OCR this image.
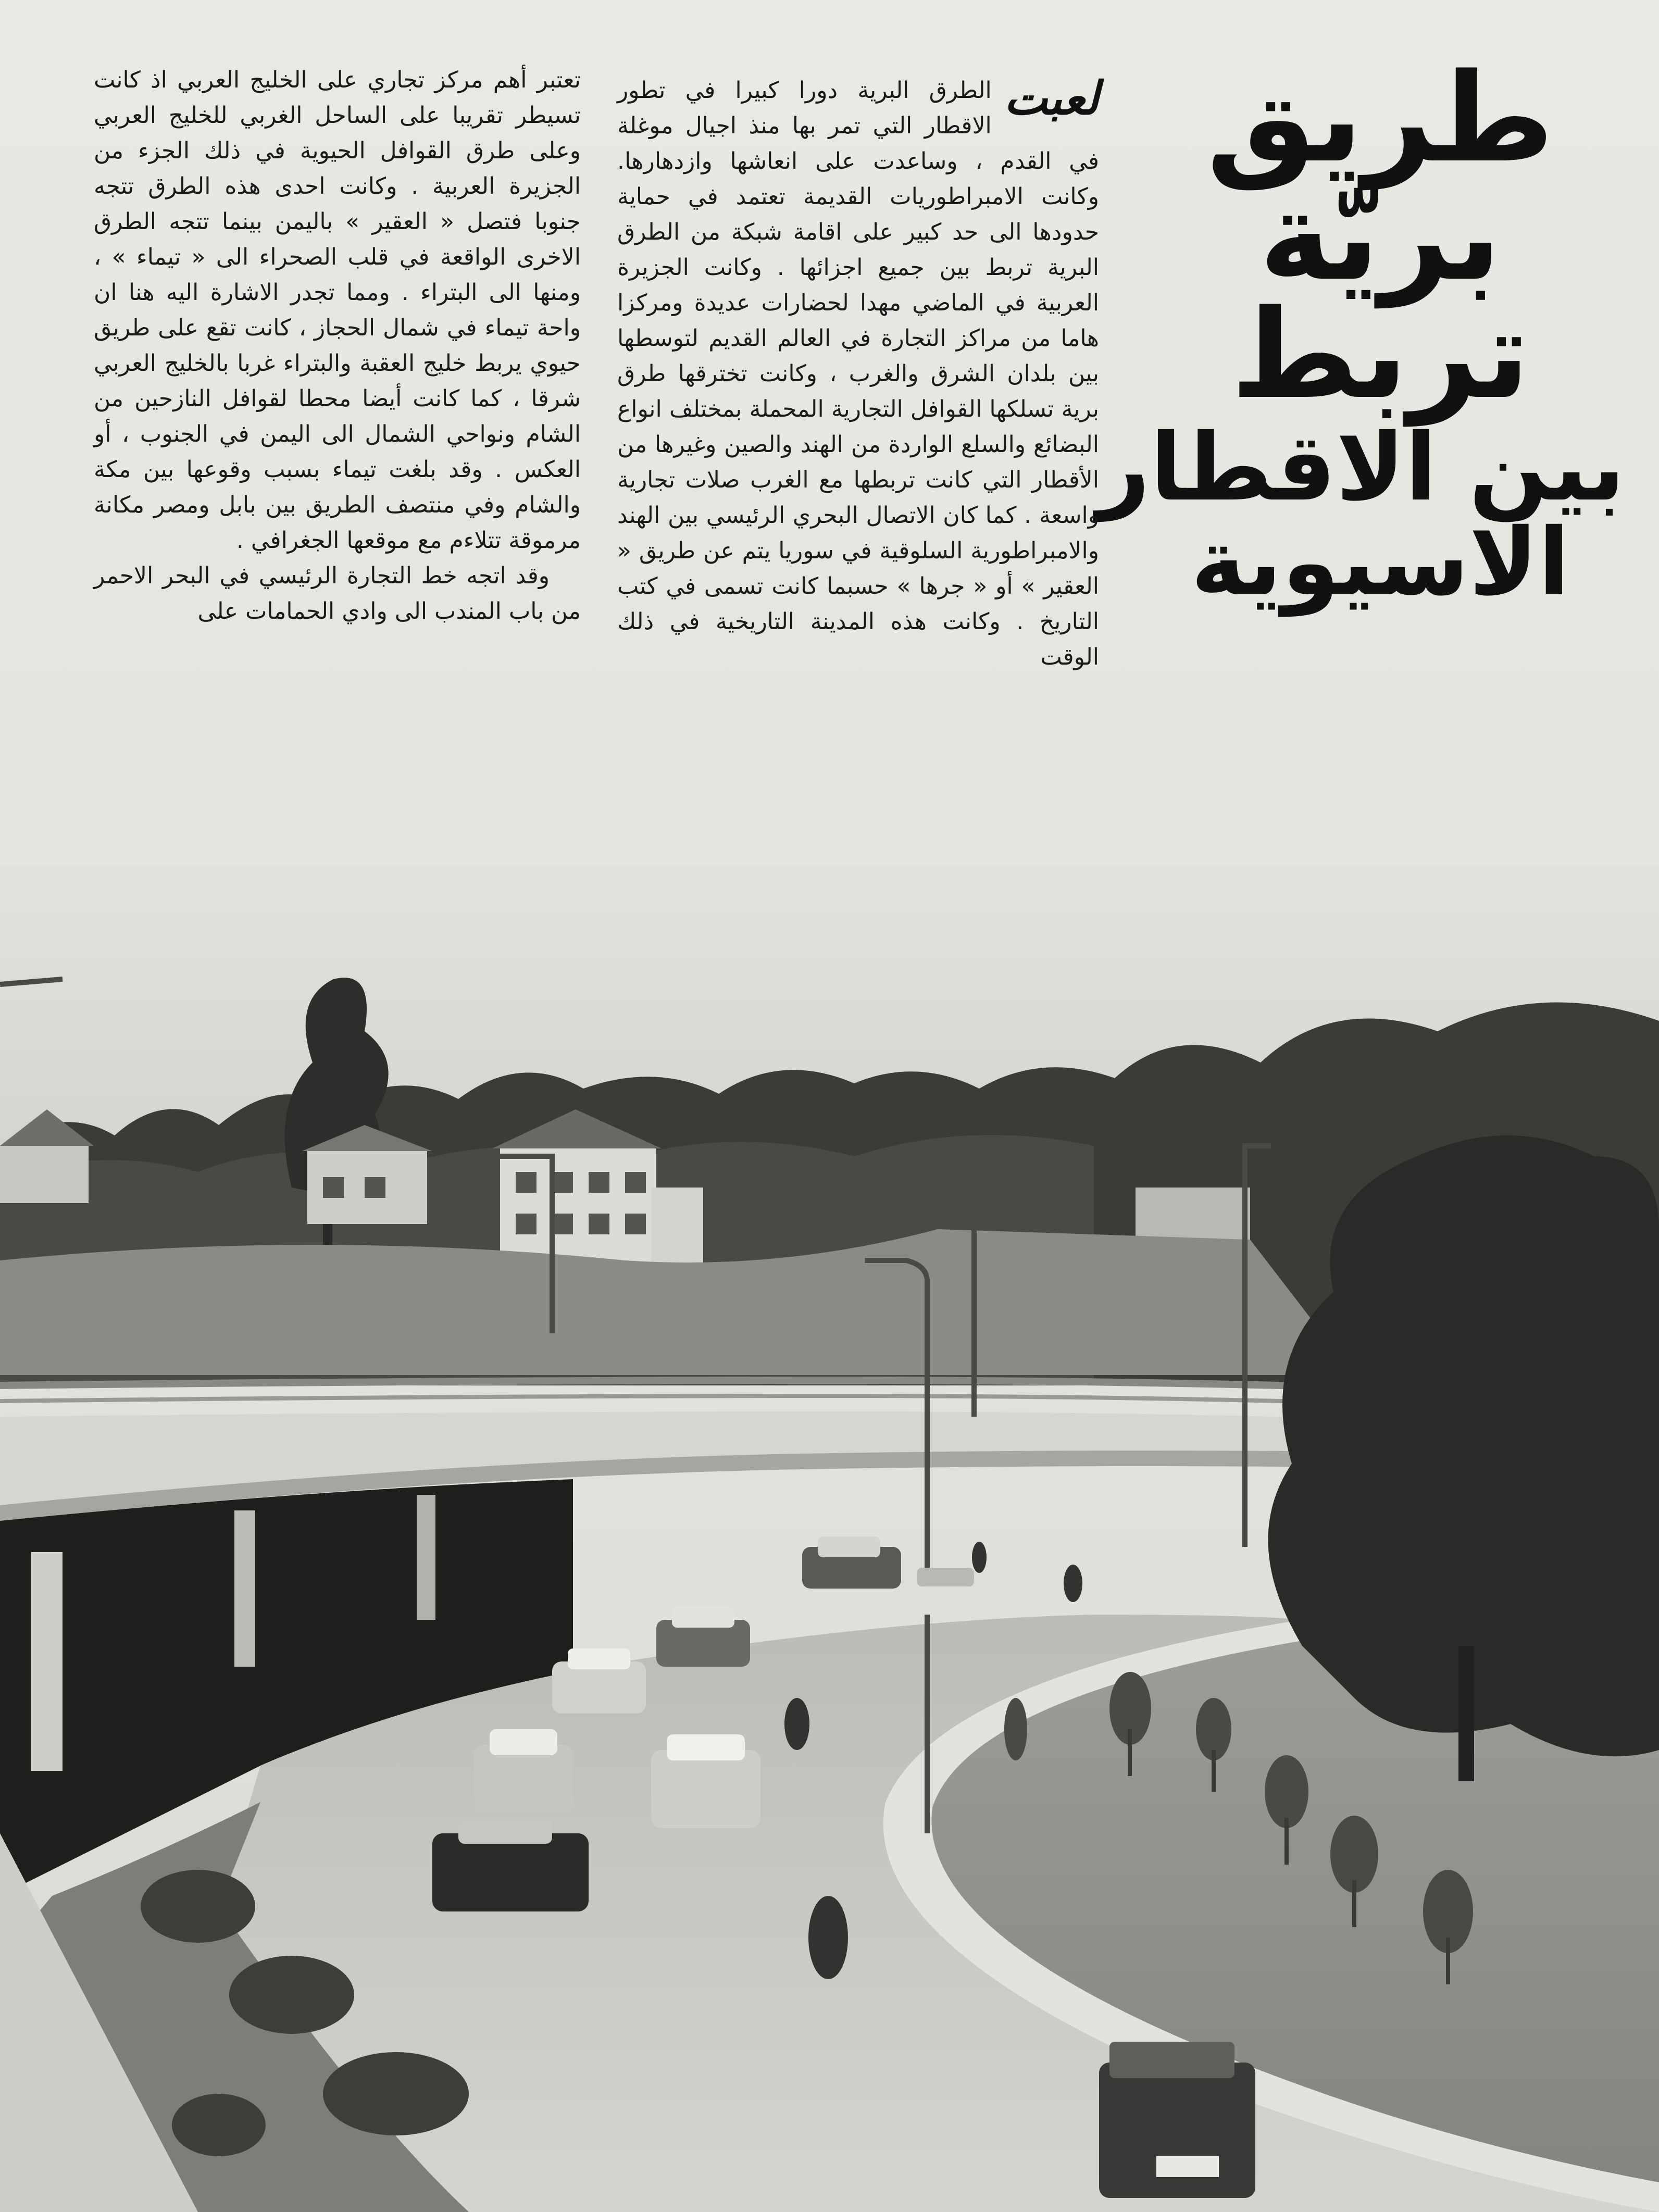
طريق
بريّة
تربط
بين الاقطار
الاسيوية
لعبت

الطرق البرية دورا كبيرا في تطور الاقطار التي تمر بها منذ اجيال موغلة في القدم ، وساعدت على انعاشها وازدهارها. وكانت الامبراطوريات القديمة تعتمد في حماية حدودها الى حد كبير على اقامة شبكة من الطرق البرية تربط بين جميع اجزائها . وكانت الجزيرة العربية في الماضي مهدا لحضارات عديدة ومركزا هاما من مراكز التجارة في العالم القديم لتوسطها بين بلدان الشرق والغرب ، وكانت تخترقها طرق برية تسلكها القوافل التجارية المحملة بمختلف انواع البضائع والسلع الواردة من الهند والصين وغيرها من الأقطار التي كانت تربطها مع الغرب صلات تجارية واسعة . كما كان الاتصال البحري الرئيسي بين الهند والامبراطورية السلوقية في سوريا يتم عن طريق « العقير » أو « جرها » حسبما كانت تسمى في كتب التاريخ . وكانت هذه المدينة التاريخية في ذلك الوقت

تعتبر أهم مركز تجاري على الخليج العربي اذ كانت تسيطر تقريبا على الساحل الغربي للخليج العربي وعلى طرق القوافل الحيوية في ذلك الجزء من الجزيرة العربية . وكانت احدى هذه الطرق تتجه جنوبا فتصل « العقير » باليمن بينما تتجه الطرق الاخرى الواقعة في قلب الصحراء الى « تيماء » ، ومنها الى البتراء . ومما تجدر الاشارة اليه هنا ان واحة تيماء في شمال الحجاز ، كانت تقع على طريق حيوي يربط خليج العقبة والبتراء غربا بالخليج العربي شرقا ، كما كانت أيضا محطا لقوافل النازحين من الشام ونواحي الشمال الى اليمن في الجنوب ، أو العكس . وقد بلغت تيماء بسبب وقوعها بين مكة والشام وفي منتصف الطريق بين بابل ومصر مكانة مرموقة تتلاءم مع موقعها الجغرافي .

وقد اتجه خط التجارة الرئيسي في البحر الاحمر من باب المندب الى وادي الحمامات على
